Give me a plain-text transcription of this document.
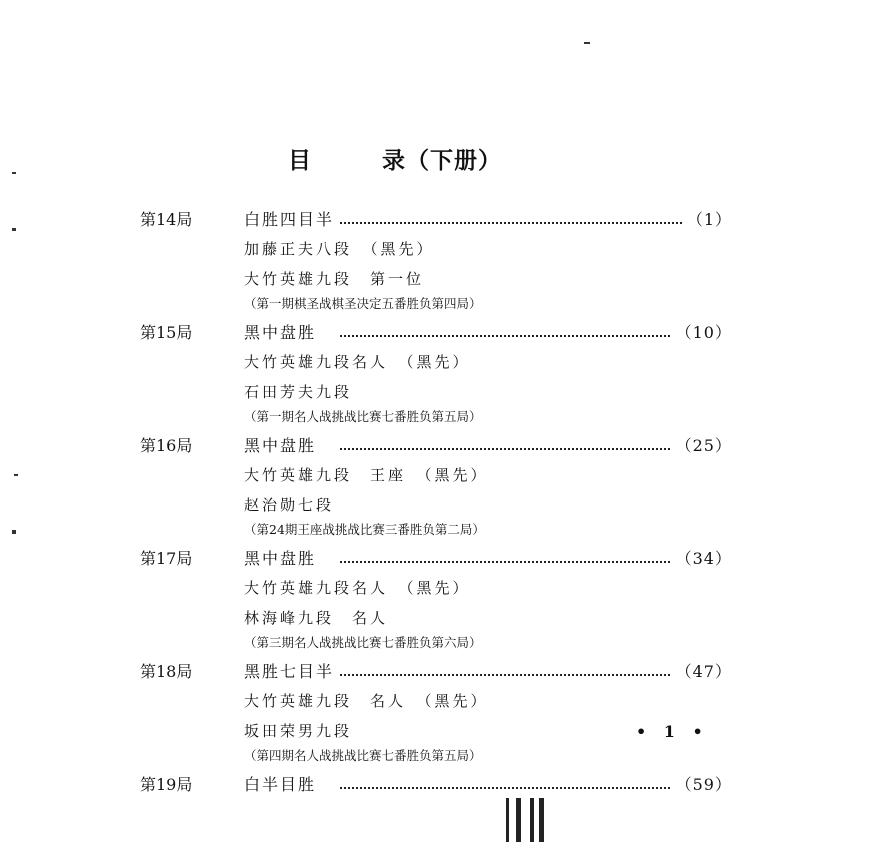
目	录（下册）
第14局	白胜四目半	（1）
加藤正夫八段　（黑先）
大竹英雄九段　第一位
（第一期棋圣战棋圣决定五番胜负第四局）
第15局	黑中盘胜	（10）
大竹英雄九段名人　（黑先）
石田芳夫九段
（第一期名人战挑战比赛七番胜负第五局）
第16局	黑中盘胜	（25）
大竹英雄九段　王座　（黑先）
赵治勋七段
（第24期王座战挑战比赛三番胜负第二局）
第17局	黑中盘胜	（34）
大竹英雄九段名人　（黑先）
林海峰九段　名人
（第三期名人战挑战比赛七番胜负第六局）
第18局	黑胜七目半	（47）
大竹英雄九段　名人　（黑先）
坂田荣男九段
（第四期名人战挑战比赛七番胜负第五局）
第19局	白半目胜	（59）
• 1 •
